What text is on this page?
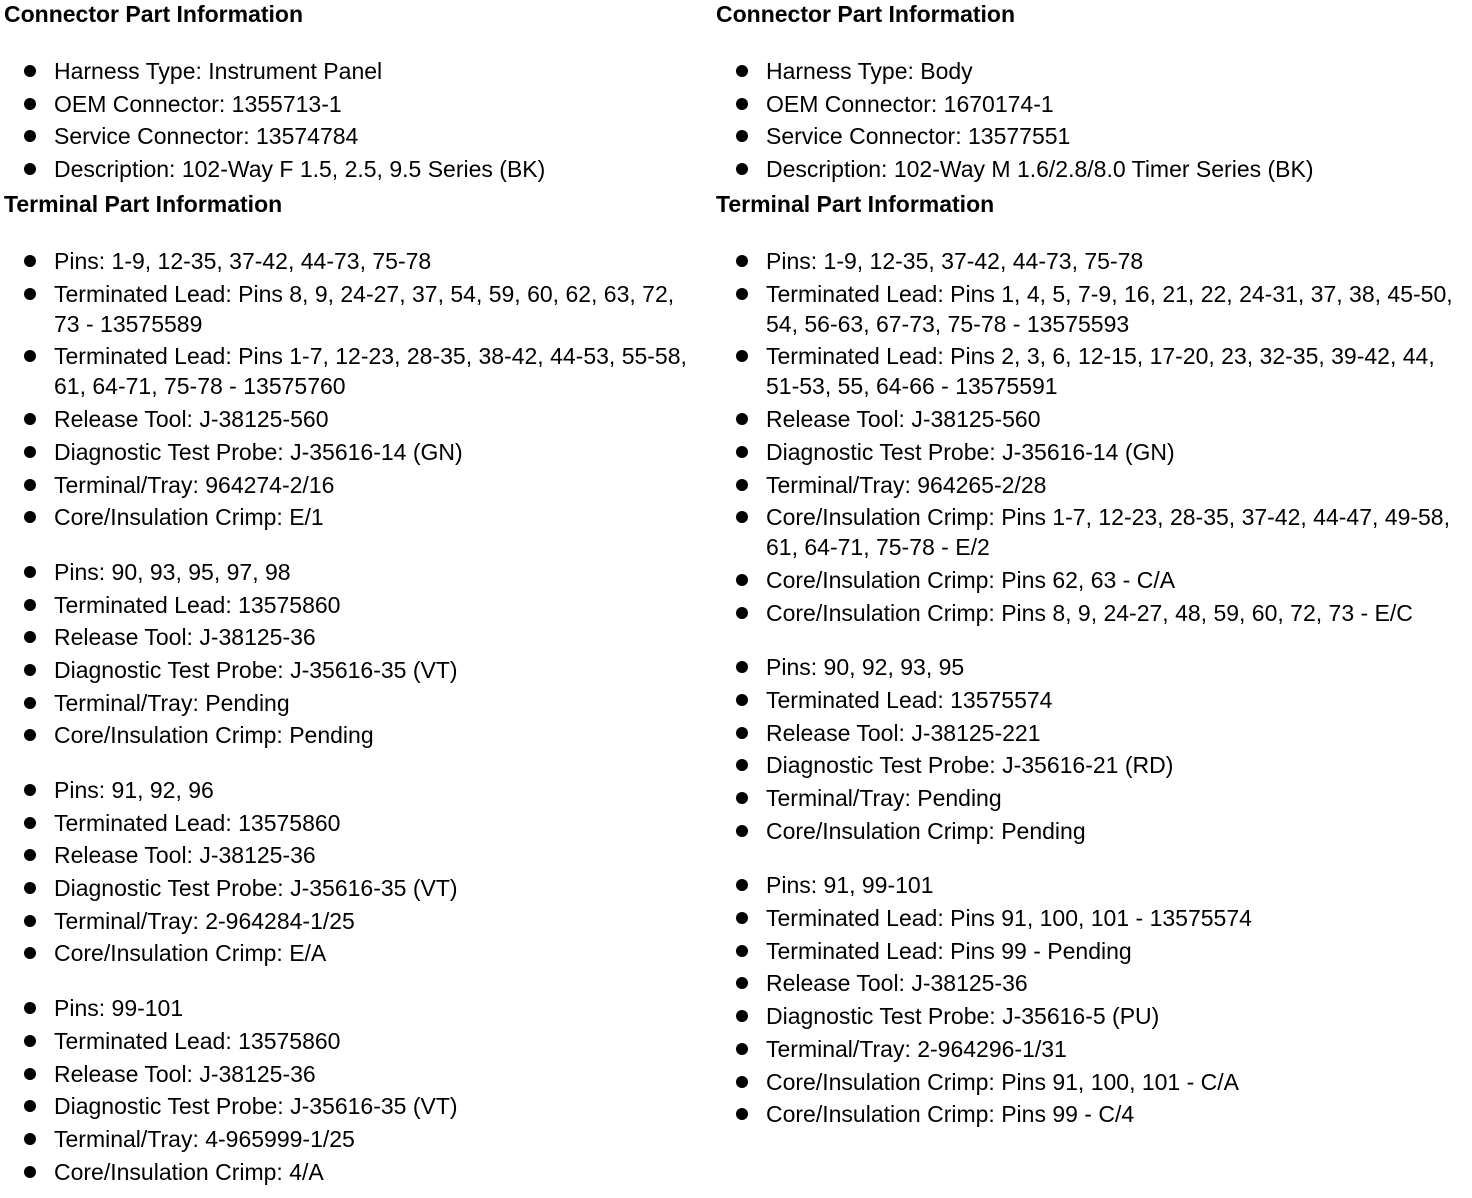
Connector Part Information
Harness Type: Instrument Panel
OEM Connector: 1355713-1
Service Connector: 13574784
Description: 102-Way F 1.5, 2.5, 9.5 Series (BK)
Terminal Part Information
Pins: 1-9, 12-35, 37-42, 44-73, 75-78
Terminated Lead: Pins 8, 9, 24-27, 37, 54, 59, 60, 62, 63, 72, 73 - 13575589
Terminated Lead: Pins 1-7, 12-23, 28-35, 38-42, 44-53, 55-58, 61, 64-71, 75-78 - 13575760
Release Tool: J-38125-560
Diagnostic Test Probe: J-35616-14 (GN)
Terminal/Tray: 964274-2/16
Core/Insulation Crimp: E/1
Pins: 90, 93, 95, 97, 98
Terminated Lead: 13575860
Release Tool: J-38125-36
Diagnostic Test Probe: J-35616-35 (VT)
Terminal/Tray: Pending
Core/Insulation Crimp: Pending
Pins: 91, 92, 96
Terminated Lead: 13575860
Release Tool: J-38125-36
Diagnostic Test Probe: J-35616-35 (VT)
Terminal/Tray: 2-964284-1/25
Core/Insulation Crimp: E/A
Pins: 99-101
Terminated Lead: 13575860
Release Tool: J-38125-36
Diagnostic Test Probe: J-35616-35 (VT)
Terminal/Tray: 4-965999-1/25
Core/Insulation Crimp: 4/A
Connector Part Information
Harness Type: Body
OEM Connector: 1670174-1
Service Connector: 13577551
Description: 102-Way M 1.6/2.8/8.0 Timer Series (BK)
Terminal Part Information
Pins: 1-9, 12-35, 37-42, 44-73, 75-78
Terminated Lead: Pins 1, 4, 5, 7-9, 16, 21, 22, 24-31, 37, 38, 45-50, 54, 56-63, 67-73, 75-78 - 13575593
Terminated Lead: Pins 2, 3, 6, 12-15, 17-20, 23, 32-35, 39-42, 44, 51-53, 55, 64-66 - 13575591
Release Tool: J-38125-560
Diagnostic Test Probe: J-35616-14 (GN)
Terminal/Tray: 964265-2/28
Core/Insulation Crimp: Pins 1-7, 12-23, 28-35, 37-42, 44-47, 49-58, 61, 64-71, 75-78 - E/2
Core/Insulation Crimp: Pins 62, 63 - C/A
Core/Insulation Crimp: Pins 8, 9, 24-27, 48, 59, 60, 72, 73 - E/C
Pins: 90, 92, 93, 95
Terminated Lead: 13575574
Release Tool: J-38125-221
Diagnostic Test Probe: J-35616-21 (RD)
Terminal/Tray: Pending
Core/Insulation Crimp: Pending
Pins: 91, 99-101
Terminated Lead: Pins 91, 100, 101 - 13575574
Terminated Lead: Pins 99 - Pending
Release Tool: J-38125-36
Diagnostic Test Probe: J-35616-5 (PU)
Terminal/Tray: 2-964296-1/31
Core/Insulation Crimp: Pins 91, 100, 101 - C/A
Core/Insulation Crimp: Pins 99 - C/4
